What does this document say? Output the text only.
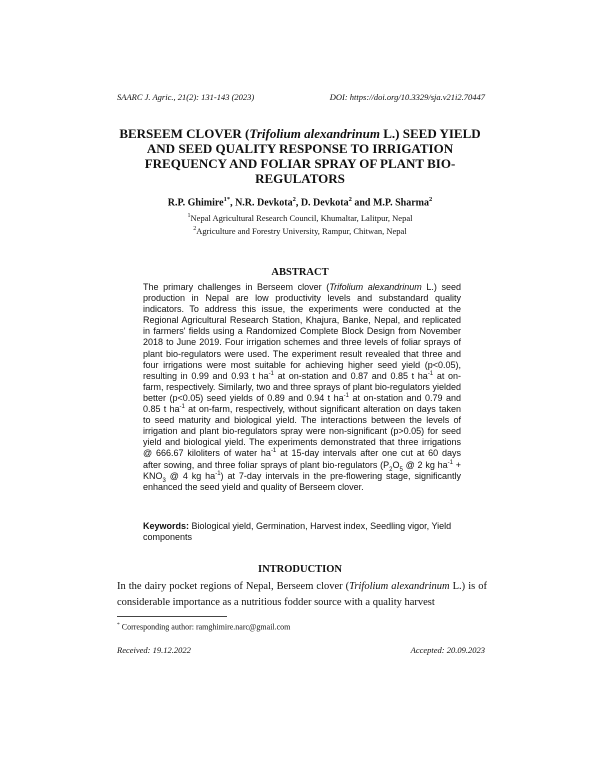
SAARC J. Agric., 21(2): 131-143 (2023)	DOI: https://doi.org/10.3329/sja.v21i2.70447
BERSEEM CLOVER (Trifolium alexandrinum L.) SEED YIELD AND SEED QUALITY RESPONSE TO IRRIGATION FREQUENCY AND FOLIAR SPRAY OF PLANT BIO-REGULATORS
R.P. Ghimire$^{1*}$, N.R. Devkota$^2$, D. Devkota$^2$ and M.P. Sharma$^2$
$^1$Nepal Agricultural Research Council, Khumaltar, Lalitpur, Nepal
$^2$Agriculture and Forestry University, Rampur, Chitwan, Nepal
ABSTRACT
The primary challenges in Berseem clover (Trifolium alexandrinum L.) seed production in Nepal are low productivity levels and substandard quality indicators. To address this issue, the experiments were conducted at the Regional Agricultural Research Station, Khajura, Banke, Nepal, and replicated in farmers' fields using a Randomized Complete Block Design from November 2018 to June 2019. Four irrigation schemes and three levels of foliar sprays of plant bio-regulators were used. The experiment result revealed that three and four irrigations were most suitable for achieving higher seed yield (p<0.05), resulting in 0.99 and 0.93 t $ha^{-1}$ at on-station and 0.87 and 0.85 t $ha^{-1}$ at on-farm, respectively. Similarly, two and three sprays of plant bio-regulators yielded better (p<0.05) seed yields of 0.89 and 0.94 t $ha^{-1}$ at on-station and 0.79 and 0.85 t $ha^{-1}$ at on-farm, respectively, without significant alteration on days taken to seed maturity and biological yield. The interactions between the levels of irrigation and plant bio-regulators spray were non-significant (p>0.05) for seed yield and biological yield. The experiments demonstrated that three irrigations @ 666.67 kiloliters of water $ha^{-1}$ at 15-day intervals after one cut at 60 days after sowing, and three foliar sprays of plant bio-regulators ($P_2O_5$ @ 2 kg $ha^{-1} + KNO_3$ @ 4 kg $ha^{-1}$) at 7-day intervals in the pre-flowering stage, significantly enhanced the seed yield and quality of Berseem clover.
Keywords: Biological yield, Germination, Harvest index, Seedling vigor, Yield components
INTRODUCTION
In the dairy pocket regions of Nepal, Berseem clover (Trifolium alexandrinum L.) is of considerable importance as a nutritious fodder source with a quality harvest
* Corresponding author: ramghimire.narc@gmail.com
Received: 19.12.2022	Accepted: 20.09.2023
